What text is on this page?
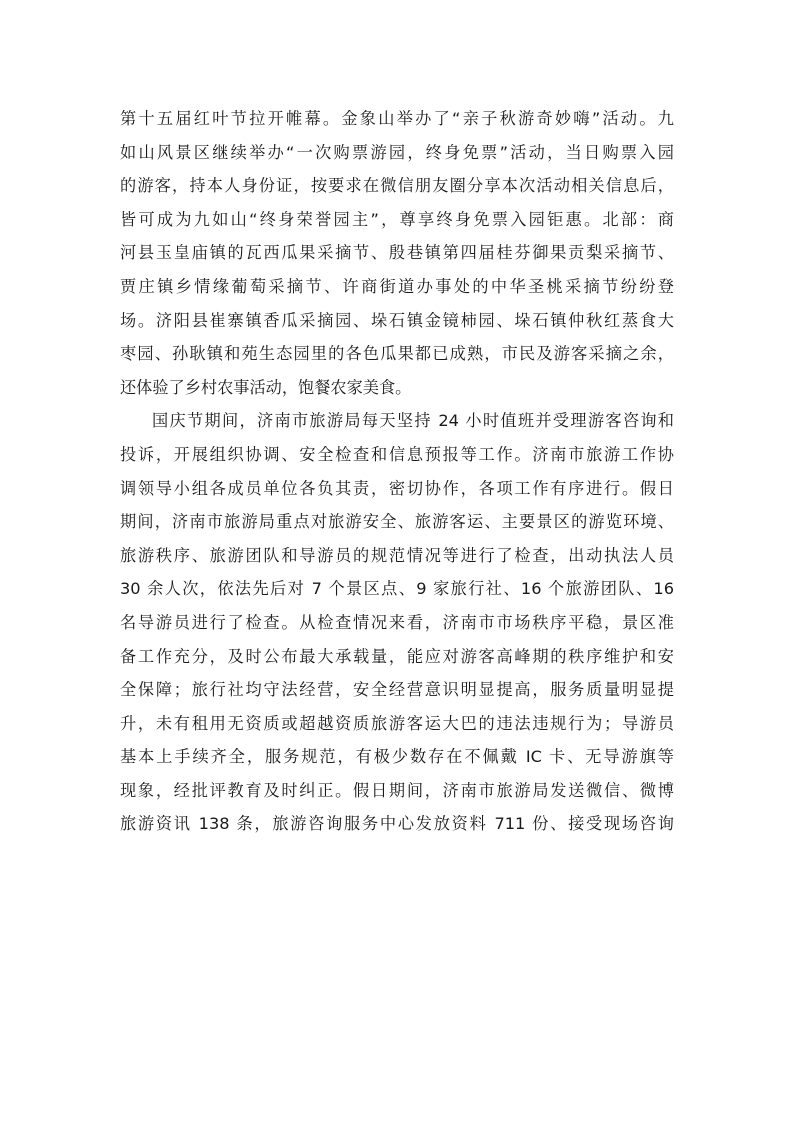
第十五届红叶节拉开帷幕。金象山举办了“亲子秋游奇妙嗨”活动。九
如山风景区继续举办“一次购票游园，终身免票”活动，当日购票入园
的游客，持本人身份证，按要求在微信朋友圈分享本次活动相关信息后，
皆可成为九如山“终身荣誉园主”，尊享终身免票入园钜惠。北部：商
河县玉皇庙镇的瓦西瓜果采摘节、殷巷镇第四届桂芬御果贡梨采摘节、
贾庄镇乡情缘葡萄采摘节、许商街道办事处的中华圣桃采摘节纷纷登
场。济阳县崔寨镇香瓜采摘园、垛石镇金镜柿园、垛石镇仲秋红蒸食大
枣园、孙耿镇和苑生态园里的各色瓜果都已成熟，市民及游客采摘之余，
还体验了乡村农事活动，饱餐农家美食。
国庆节期间，济南市旅游局每天坚持 24 小时值班并受理游客咨询和
投诉，开展组织协调、安全检查和信息预报等工作。济南市旅游工作协
调领导小组各成员单位各负其责，密切协作，各项工作有序进行。假日
期间，济南市旅游局重点对旅游安全、旅游客运、主要景区的游览环境、
旅游秩序、旅游团队和导游员的规范情况等进行了检查，出动执法人员
30 余人次，依法先后对 7 个景区点、9 家旅行社、16 个旅游团队、16
名导游员进行了检查。从检查情况来看，济南市市场秩序平稳，景区准
备工作充分，及时公布最大承载量，能应对游客高峰期的秩序维护和安
全保障；旅行社均守法经营，安全经营意识明显提高，服务质量明显提
升，未有租用无资质或超越资质旅游客运大巴的违法违规行为；导游员
基本上手续齐全，服务规范，有极少数存在不佩戴 IC 卡、无导游旗等
现象，经批评教育及时纠正。假日期间，济南市旅游局发送微信、微博
旅游资讯 138 条，旅游咨询服务中心发放资料 711 份、接受现场咨询
